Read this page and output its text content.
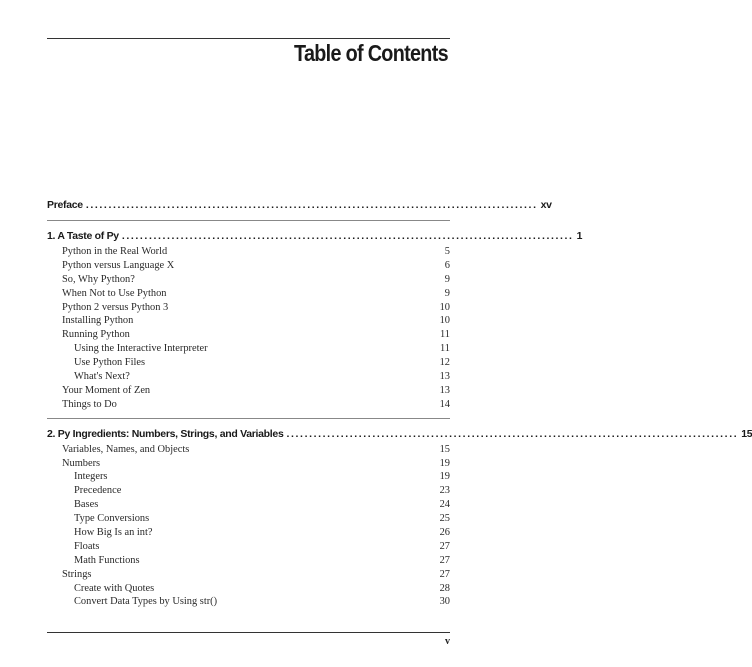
Table of Contents
Preface .................................................................................................... xv
1. A Taste of Py .................................................................................................... 1
Python in the Real World	5
Python versus Language X	6
So, Why Python?	9
When Not to Use Python	9
Python 2 versus Python 3	10
Installing Python	10
Running Python	11
Using the Interactive Interpreter	11
Use Python Files	12
What's Next?	13
Your Moment of Zen	13
Things to Do	14
2. Py Ingredients: Numbers, Strings, and Variables .................................................................................................... 15
Variables, Names, and Objects	15
Numbers	19
Integers	19
Precedence	23
Bases	24
Type Conversions	25
How Big Is an int?	26
Floats	27
Math Functions	27
Strings	27
Create with Quotes	28
Convert Data Types by Using str()	30
v
